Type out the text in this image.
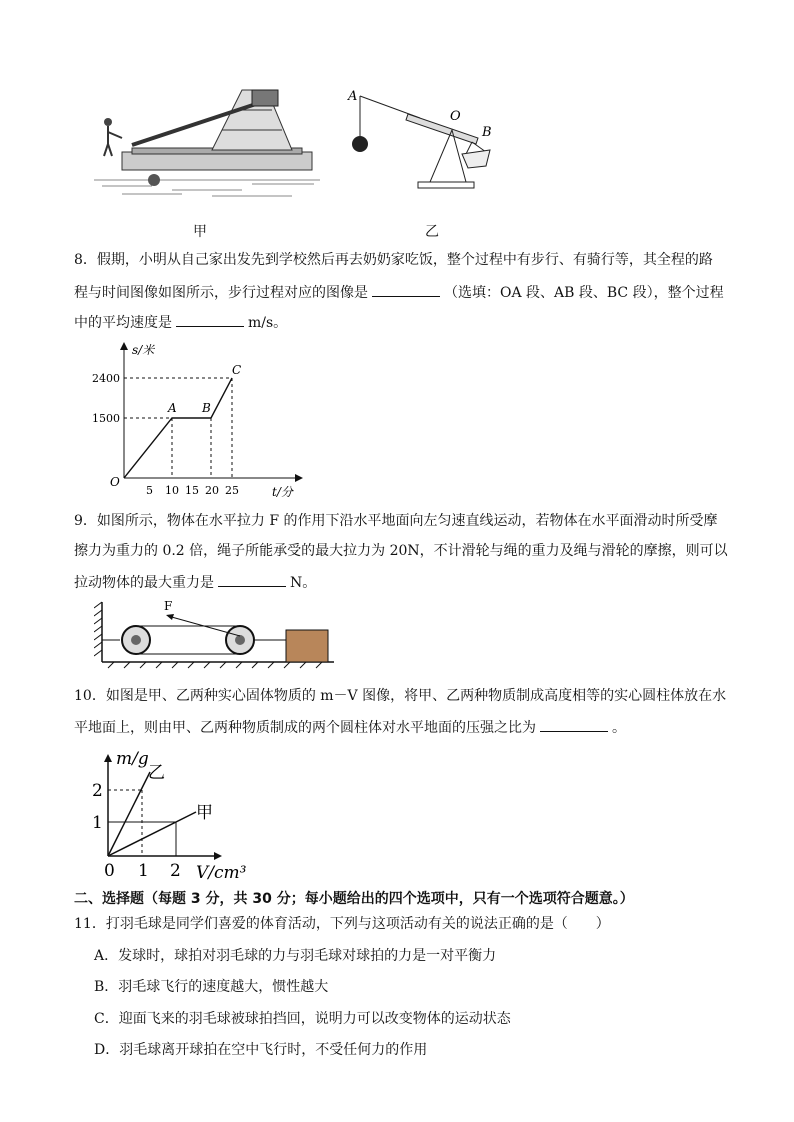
甲
A
O
B
乙
8．假期，小明从自己家出发先到学校然后再去奶奶家吃饭，整个过程中有步行、有骑行等，其全程的路
程与时间图像如图所示，步行过程对应的图像是	（选填：OA 段、AB 段、BC 段），整个过程
中的平均速度是	m/s。
s/米
t/分
O
1500
2400
5 10 15 20 25
A B
C
9．如图所示，物体在水平拉力 F 的作用下沿水平地面向左匀速直线运动，若物体在水平面滑动时所受摩
擦力为重力的 0.2 倍，绳子所能承受的最大拉力为 20N，不计滑轮与绳的重力及绳与滑轮的摩擦，则可以
拉动物体的最大重力是	N。
F
10．如图是甲、乙两种实心固体物质的 m－V 图像，将甲、乙两种物质制成高度相等的实心圆柱体放在水
平地面上，则由甲、乙两种物质制成的两个圆柱体对水平地面的压强之比为	。
m/g
V/cm³
1
2
0 1 2
乙
甲
二、选择题（每题 3 分，共 30 分；每小题给出的四个选项中，只有一个选项符合题意。）
11．打羽毛球是同学们喜爱的体育活动，下列与这项活动有关的说法正确的是（　　）
A．发球时，球拍对羽毛球的力与羽毛球对球拍的力是一对平衡力
B．羽毛球飞行的速度越大，惯性越大
C．迎面飞来的羽毛球被球拍挡回，说明力可以改变物体的运动状态
D．羽毛球离开球拍在空中飞行时，不受任何力的作用
